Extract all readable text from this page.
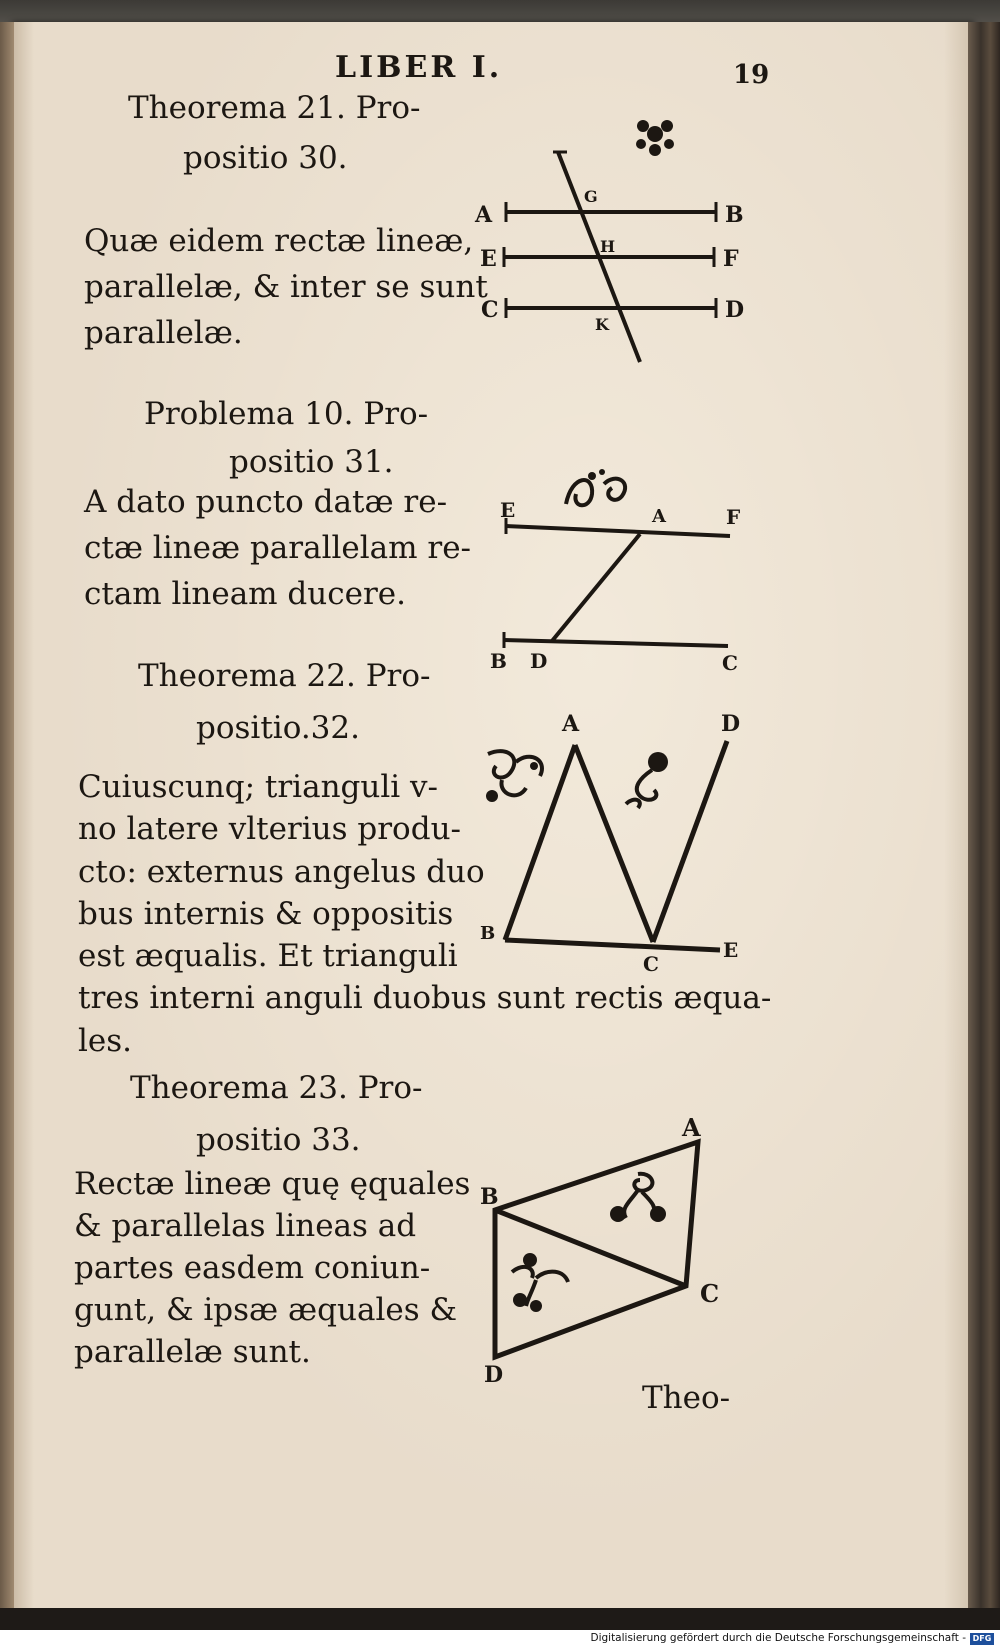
LIBER I.	19
Theorema 21. Pro-
positio 30.
Quæ eidem rectæ lineæ,
parallelæ, & inter se sunt
parallelæ.
A	B
E	F
C	D
G
H
K
Problema 10. Pro-
positio 31.
A dato puncto datæ re-
ctæ lineæ parallelam re-
ctam lineam ducere.
E	A	F
B D	C
Theorema 22. Pro-
positio.32.
Cuiuscunq; trianguli v-
no latere vlterius produ-
cto: externus angelus duo
bus internis & oppositis
est æqualis. Et trianguli
tres interni anguli duobus sunt rectis æqua-
les.
A	D
B
C
E
Theorema 23. Pro-
positio 33.
Rectæ lineæ quę ęquales
& parallelas lineas ad
partes easdem coniun-
gunt, & ipsæ æquales &
parallelæ sunt.
A
B
C
D
Theo-
Digitalisierung gefördert durch die Deutsche Forschungsgemeinschaft - DFG
